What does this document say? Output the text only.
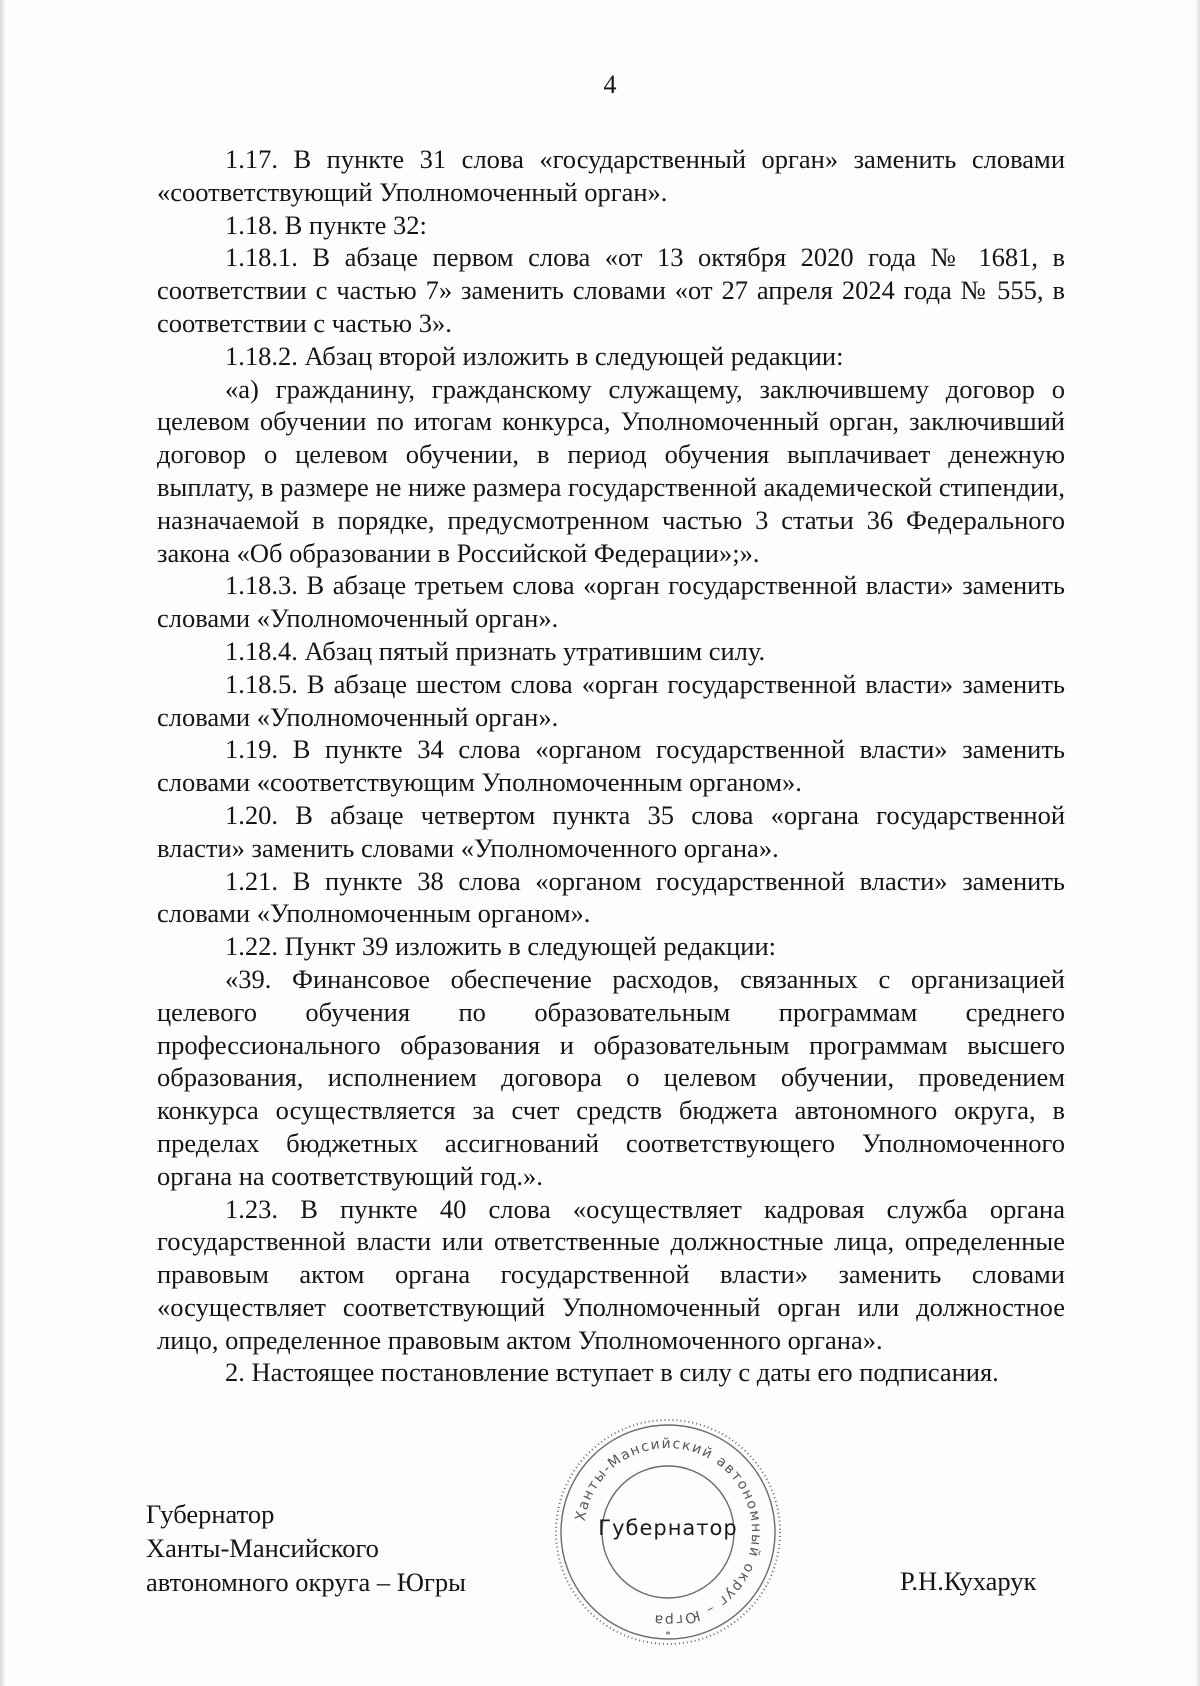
4

1.17. В пункте 31 слова «государственный орган» заменить словами «соответствующий Уполномоченный орган».

1.18. В пункте 32:

1.18.1. В абзаце первом слова «от 13 октября 2020 года № 1681, в соответствии с частью 7» заменить словами «от 27 апреля 2024 года № 555, в соответствии с частью 3».

1.18.2. Абзац второй изложить в следующей редакции:

«а) гражданину, гражданскому служащему, заключившему договор о целевом обучении по итогам конкурса, Уполномоченный орган, заключивший договор о целевом обучении, в период обучения выплачивает денежную выплату, в размере не ниже размера государственной академической стипендии, назначаемой в порядке, предусмотренном частью 3 статьи 36 Федерального закона «Об образовании в Российской Федерации»;».

1.18.3. В абзаце третьем слова «орган государственной власти» заменить словами «Уполномоченный орган».

1.18.4. Абзац пятый признать утратившим силу.

1.18.5. В абзаце шестом слова «орган государственной власти» заменить словами «Уполномоченный орган».

1.19. В пункте 34 слова «органом государственной власти» заменить словами «соответствующим Уполномоченным органом».

1.20. В абзаце четвертом пункта 35 слова «органа государственной власти» заменить словами «Уполномоченного органа».

1.21. В пункте 38 слова «органом государственной власти» заменить словами «Уполномоченным органом».

1.22. Пункт 39 изложить в следующей редакции:

«39. Финансовое обеспечение расходов, связанных с организацией целевого обучения по образовательным программам среднего профессионального образования и образовательным программам высшего образования, исполнением договора о целевом обучении, проведением конкурса осуществляется за счет средств бюджета автономного округа, в пределах бюджетных ассигнований соответствующего Уполномоченного органа на соответствующий год.».

1.23. В пункте 40 слова «осуществляет кадровая служба органа государственной власти или ответственные должностные лица, определенные правовым актом органа государственной власти» заменить словами «осуществляет соответствующий Уполномоченный орган или должностное лицо, определенное правовым актом Уполномоченного органа».

2. Настоящее постановление вступает в силу с даты его подписания.

Губернатор
Ханты-Мансийского
автономного округа – Югры
Ханты-Мансийский автономный округ – Югра
*
Губернатор
Р.Н.Кухарук
